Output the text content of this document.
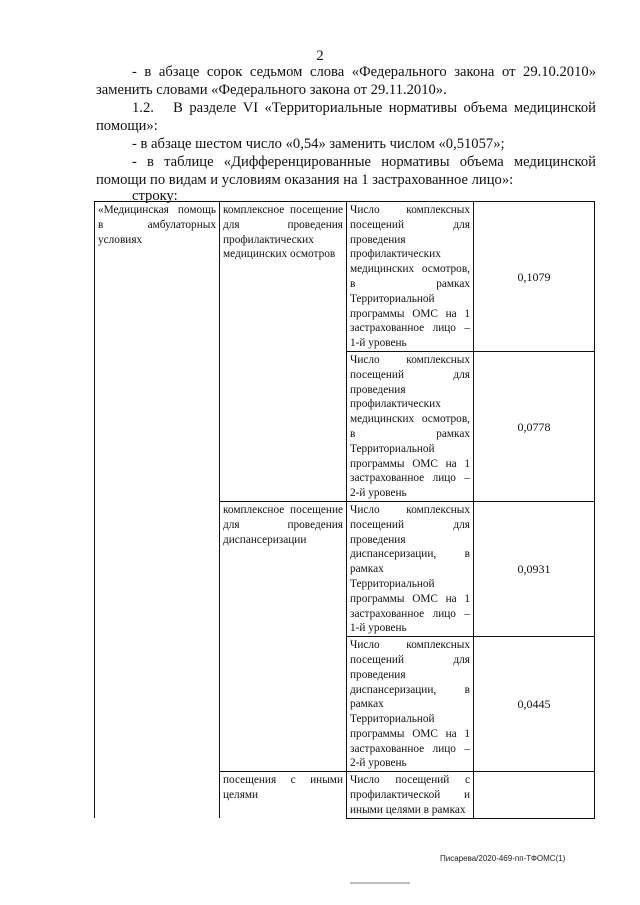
2

- в абзаце сорок седьмом слова «Федерального закона от 29.10.2010» заменить словами «Федерального закона от 29.11.2010».

1.2.   В разделе VI «Территориальные нормативы объема медицинской помощи»:

- в абзаце шестом число «0,54» заменить числом «0,51057»;

- в таблице «Дифференцированные нормативы объема медицинской помощи по видам и условиям оказания на 1 застрахованное лицо»:

строку:

«Медицинская помощь в амбулаторных условиях	комплексное посещение для проведения профилактических медицинских осмотров	Число комплексных посещений для проведения профилактических медицинских осмотров, в рамках Территориальной программы ОМС на 1 застрахованное лицо – 1-й уровень	0,1079
		Число комплексных посещений для проведения профилактических медицинских осмотров, в рамках Территориальной программы ОМС на 1 застрахованное лицо – 2-й уровень	0,0778
	комплексное посещение для проведения диспансеризации	Число комплексных посещений для проведения диспансеризации, в рамках Территориальной программы ОМС на 1 застрахованное лицо – 1-й уровень	0,0931
		Число комплексных посещений для проведения диспансеризации, в рамках Территориальной программы ОМС на 1 застрахованное лицо – 2-й уровень	0,0445
	посещения с иными целями	Число посещений с профилактической и иными целями в рамках	
Писарева/2020-469-пп-ТФОМС(1)
